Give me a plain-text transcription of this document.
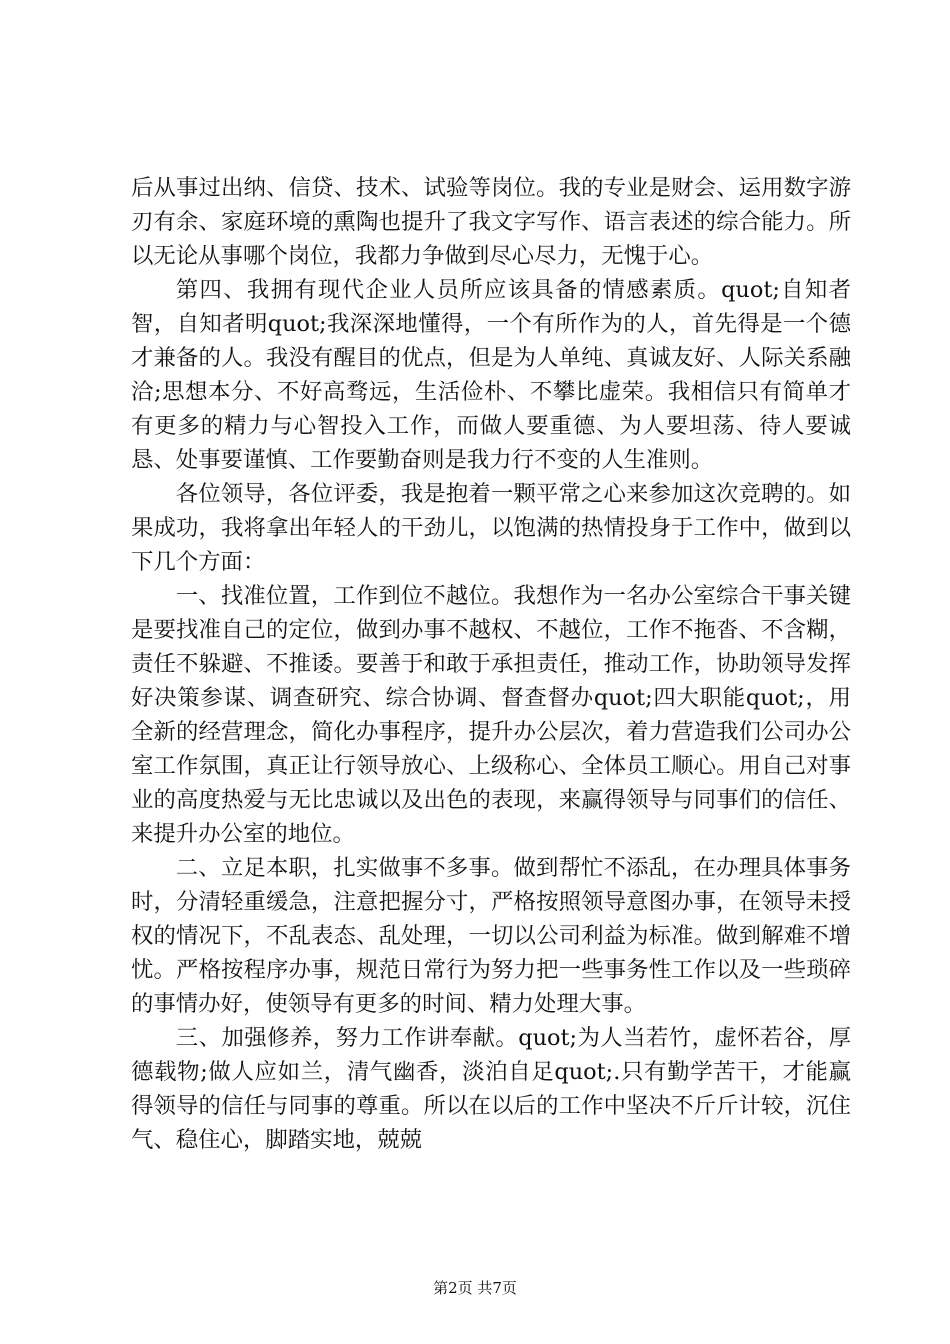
后从事过出纳、信贷、技术、试验等岗位。我的专业是财会、运用数字游刃有余、家庭环境的熏陶也提升了我文字写作、语言表述的综合能力。所以无论从事哪个岗位，我都力争做到尽心尽力，无愧于心。

第四、我拥有现代企业人员所应该具备的情感素质。quot;自知者智，自知者明quot;我深深地懂得，一个有所作为的人，首先得是一个德才兼备的人。我没有醒目的优点，但是为人单纯、真诚友好、人际关系融洽;思想本分、不好高骛远，生活俭朴、不攀比虚荣。我相信只有简单才有更多的精力与心智投入工作，而做人要重德、为人要坦荡、待人要诚恳、处事要谨慎、工作要勤奋则是我力行不变的人生准则。

各位领导，各位评委，我是抱着一颗平常之心来参加这次竞聘的。如果成功，我将拿出年轻人的干劲儿，以饱满的热情投身于工作中，做到以下几个方面：

一、找准位置，工作到位不越位。我想作为一名办公室综合干事关键是要找准自己的定位，做到办事不越权、不越位，工作不拖沓、不含糊，责任不躲避、不推诿。要善于和敢于承担责任，推动工作，协助领导发挥好决策参谋、调查研究、综合协调、督查督办quot;四大职能quot;，用全新的经营理念，简化办事程序，提升办公层次，着力营造我们公司办公室工作氛围，真正让行领导放心、上级称心、全体员工顺心。用自己对事业的高度热爱与无比忠诚以及出色的表现，来赢得领导与同事们的信任、来提升办公室的地位。

二、立足本职，扎实做事不多事。做到帮忙不添乱，在办理具体事务时，分清轻重缓急，注意把握分寸，严格按照领导意图办事，在领导未授权的情况下，不乱表态、乱处理，一切以公司利益为标准。做到解难不增忧。严格按程序办事，规范日常行为努力把一些事务性工作以及一些琐碎的事情办好，使领导有更多的时间、精力处理大事。

三、加强修养，努力工作讲奉献。quot;为人当若竹，虚怀若谷，厚德载物;做人应如兰，清气幽香，淡泊自足quot;.只有勤学苦干，才能赢得领导的信任与同事的尊重。所以在以后的工作中坚决不斤斤计较，沉住气、稳住心，脚踏实地，兢兢

第2页 共7页
